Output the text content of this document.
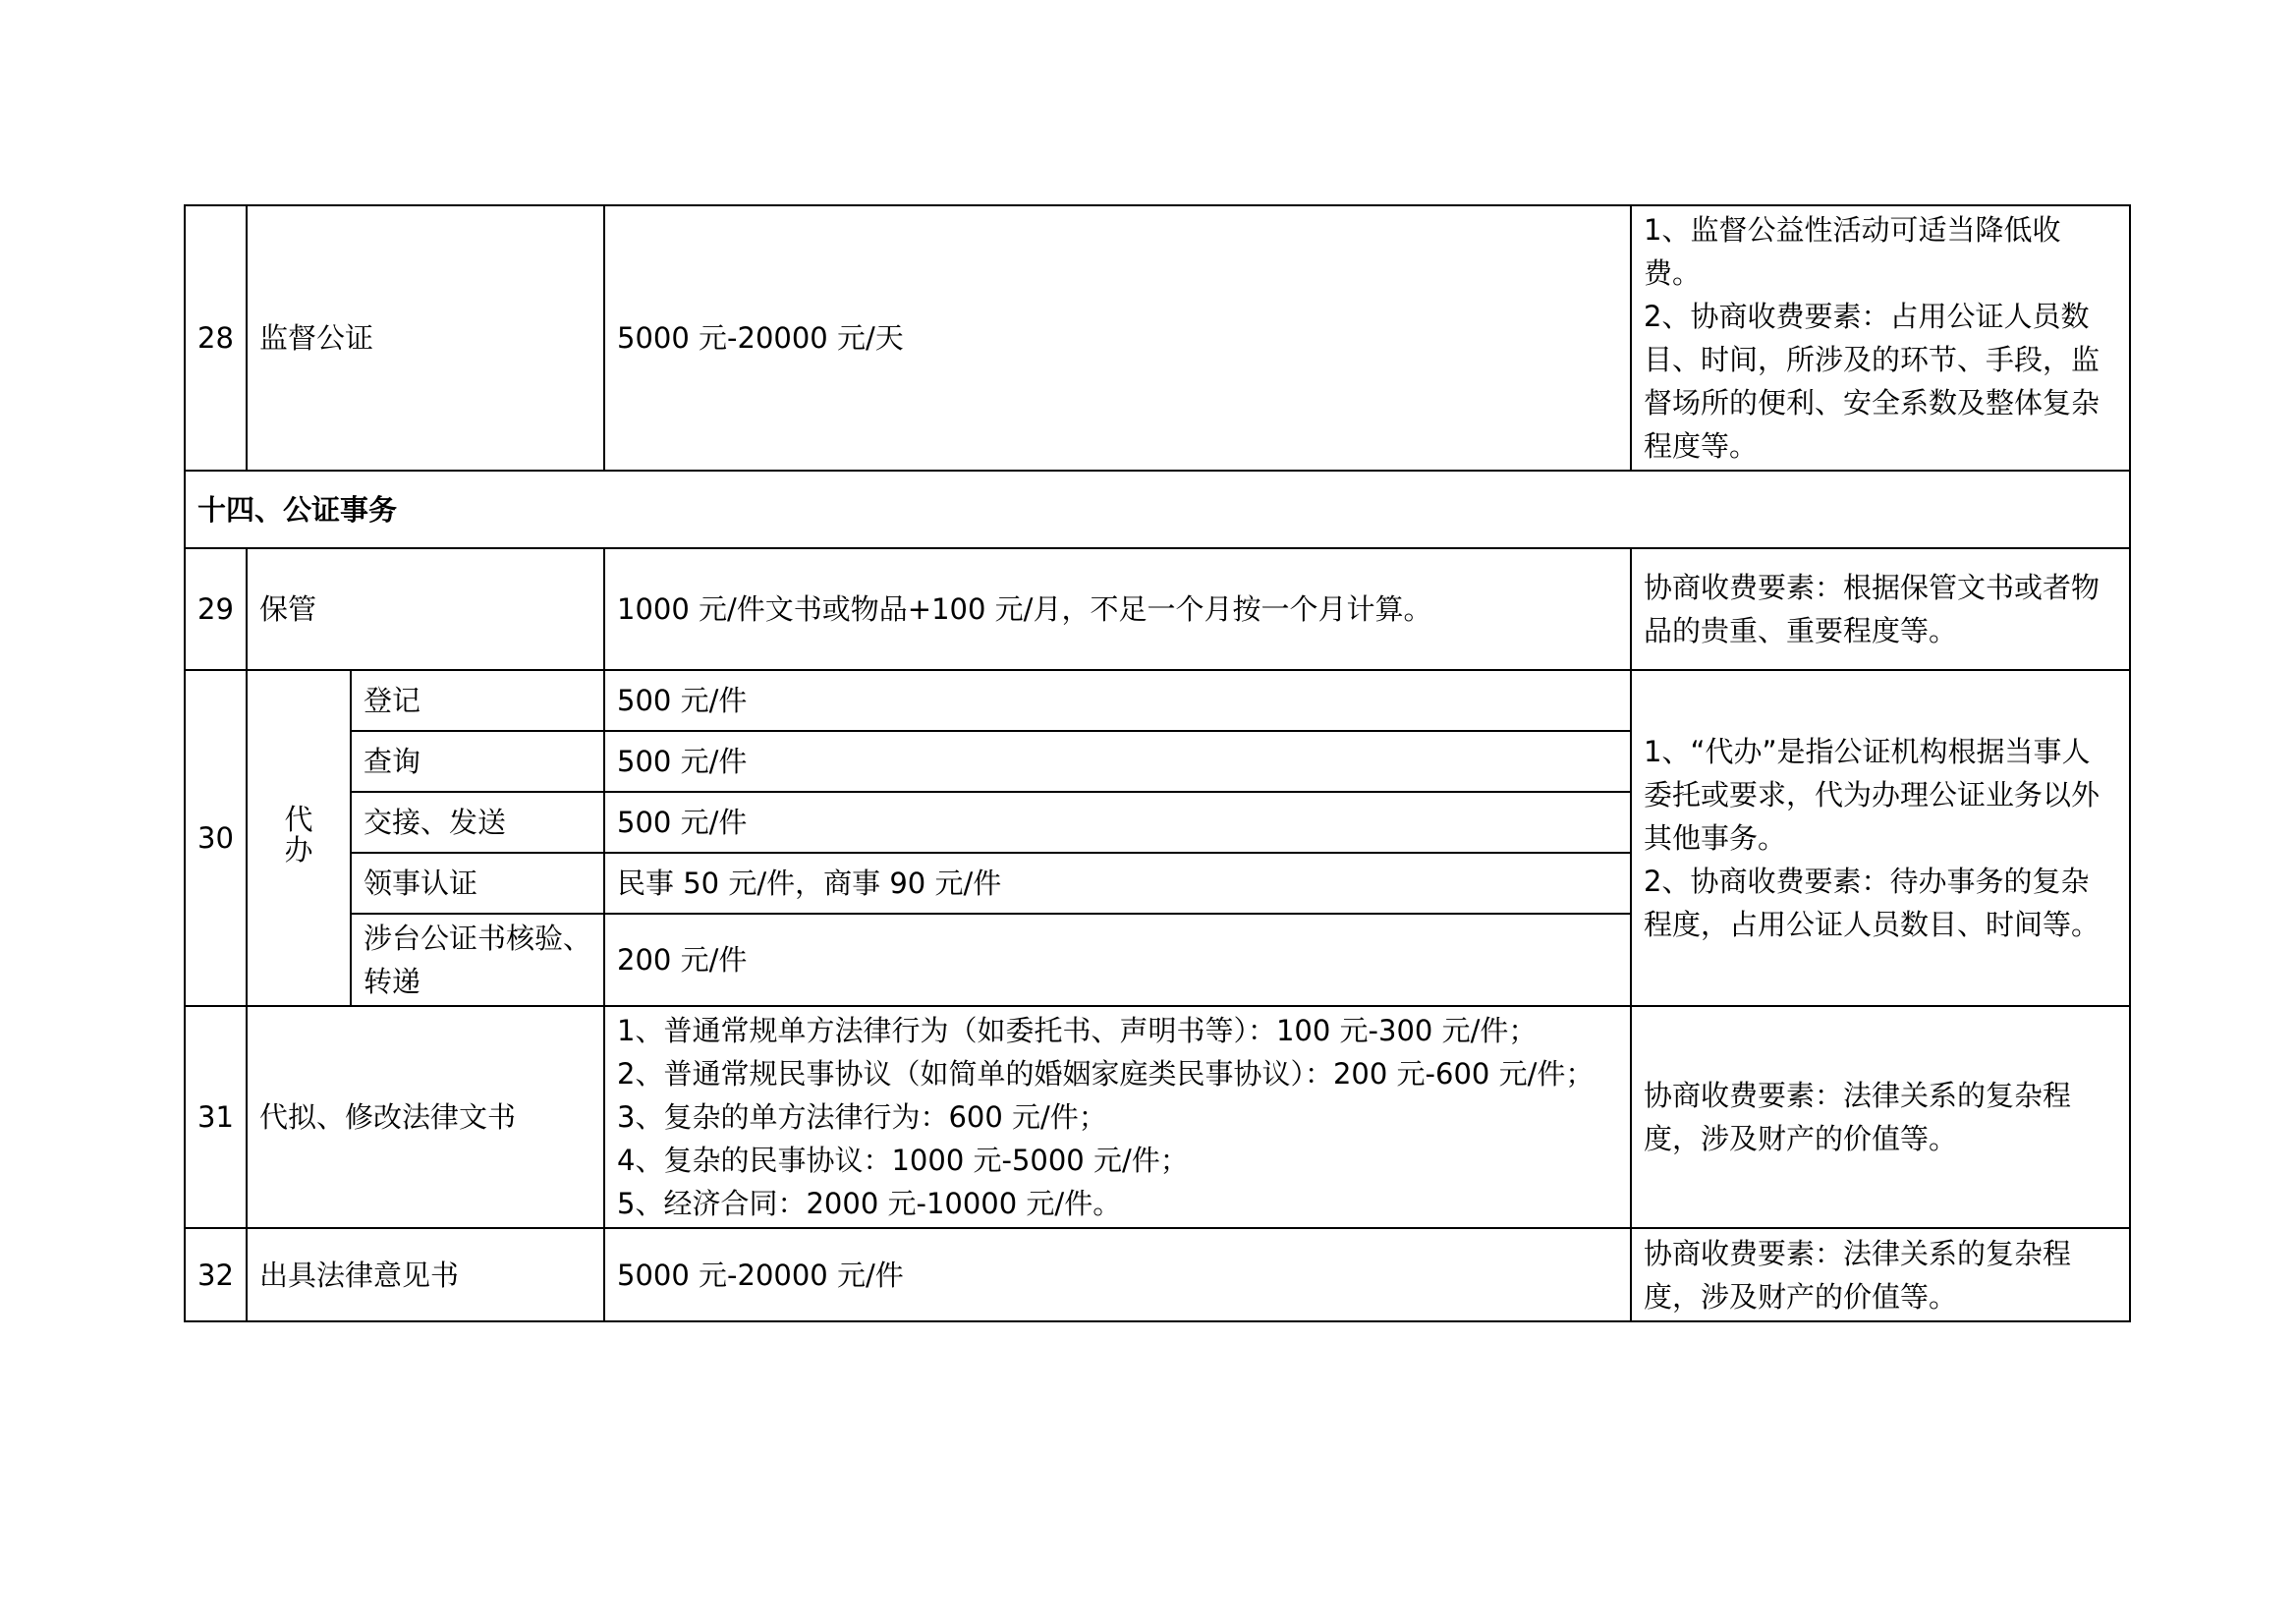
28	监督公证		5000 元-20000 元/天	1、监督公益性活动可适当降低收费。
2、协商收费要素：占用公证人员数目、时间，所涉及的环节、手段，监督场所的便利、安全系数及整体复杂程度等。

十四、公证事务				
29	保管		1000 元/件文书或物品+100 元/月，不足一个月按一个月计算。	协商收费要素：根据保管文书或者物品的贵重、重要程度等。

30	代办	登记	500 元/件	1、“代办”是指公证机构根据当事人委托或要求，代为办理公证业务以外其他事务。
2、协商收费要素：待办事务的复杂程度，占用公证人员数目、时间等。

		查询	500 元/件	
		交接、发送	500 元/件	
		领事认证	民事 50 元/件，商事 90 元/件	
		涉台公证书核验、转递	200 元/件	
31	代拟、修改法律文书		1、普通常规单方法律行为（如委托书、声明书等）：100 元-300 元/件；
2、普通常规民事协议（如简单的婚姻家庭类民事协议）：200 元-600 元/件；
3、复杂的单方法律行为：600 元/件；
4、复杂的民事协议：1000 元-5000 元/件；
5、经济合同：2000 元-10000 元/件。	协商收费要素：法律关系的复杂程度，涉及财产的价值等。

32	出具法律意见书		5000 元-20000 元/件	协商收费要素：法律关系的复杂程度，涉及财产的价值等。
